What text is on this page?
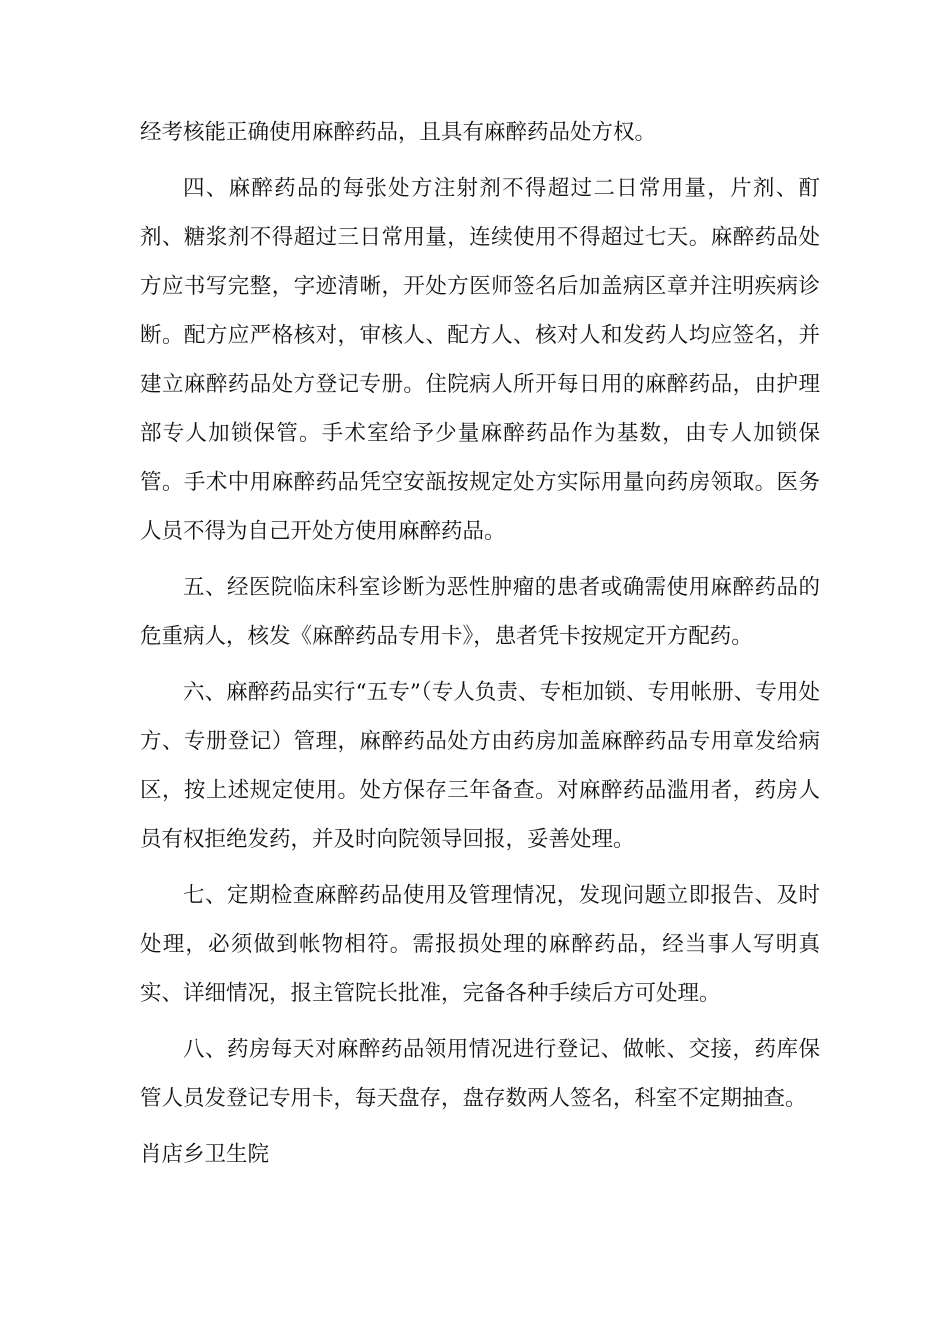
经考核能正确使用麻醉药品，且具有麻醉药品处方权。

四、麻醉药品的每张处方注射剂不得超过二日常用量，片剂、酊剂、糖浆剂不得超过三日常用量，连续使用不得超过七天。麻醉药品处方应书写完整，字迹清晰，开处方医师签名后加盖病区章并注明疾病诊断。配方应严格核对，审核人、配方人、核对人和发药人均应签名，并建立麻醉药品处方登记专册。住院病人所开每日用的麻醉药品，由护理部专人加锁保管。手术室给予少量麻醉药品作为基数，由专人加锁保管。手术中用麻醉药品凭空安瓿按规定处方实际用量向药房领取。医务人员不得为自己开处方使用麻醉药品。

五、经医院临床科室诊断为恶性肿瘤的患者或确需使用麻醉药品的危重病人，核发《麻醉药品专用卡》，患者凭卡按规定开方配药。

六、麻醉药品实行“五专”（专人负责、专柜加锁、专用帐册、专用处方、专册登记）管理，麻醉药品处方由药房加盖麻醉药品专用章发给病区，按上述规定使用。处方保存三年备查。对麻醉药品滥用者，药房人员有权拒绝发药，并及时向院领导回报，妥善处理。

七、定期检查麻醉药品使用及管理情况，发现问题立即报告、及时处理，必须做到帐物相符。需报损处理的麻醉药品，经当事人写明真实、详细情况，报主管院长批准，完备各种手续后方可处理。

八、药房每天对麻醉药品领用情况进行登记、做帐、交接，药库保管人员发登记专用卡，每天盘存，盘存数两人签名，科室不定期抽查。

肖店乡卫生院
